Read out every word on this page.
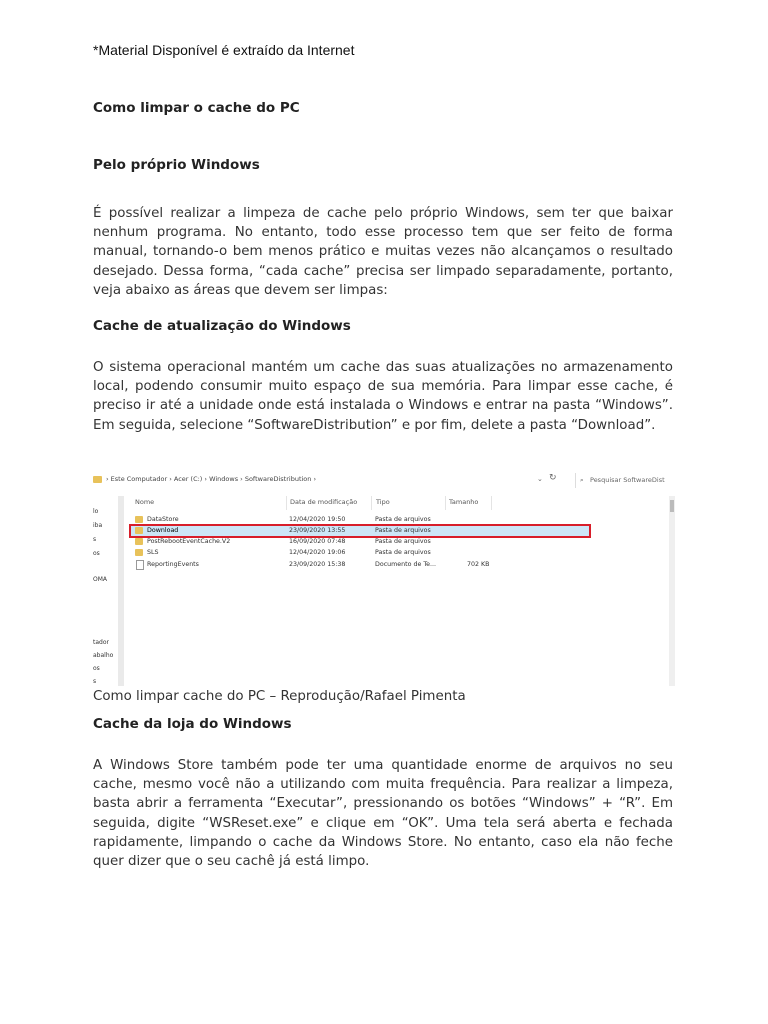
*Material Disponível é extraído da Internet
Como limpar o cache do PC
Pelo próprio Windows
É possível realizar a limpeza de cache pelo próprio Windows, sem ter que baixar nenhum programa. No entanto, todo esse processo tem que ser feito de forma manual, tornando-o bem menos prático e muitas vezes não alcançamos o resultado desejado. Dessa forma, “cada cache” precisa ser limpado separadamente, portanto, veja abaixo as áreas que devem ser limpas:
Cache de atualização do Windows
O sistema operacional mantém um cache das suas atualizações no armazenamento local, podendo consumir muito espaço de sua memória. Para limpar esse cache, é preciso ir até a unidade onde está instalada o Windows e entrar na pasta “Windows”. Em seguida, selecione “SoftwareDistribution” e por fim, delete a pasta “Download”.
› Este Computador › Acer (C:) › Windows › SoftwareDistribution ›	⌄ ↻	⌕ Pesquisar SoftwareDist
lo
iba
s
os
OMA
tador
abalho
os
s
Nome	Data de modificação	Tipo	Tamanho
DataStore	12/04/2020 19:50	Pasta de arquivos
Download	23/09/2020 13:55	Pasta de arquivos
PostRebootEventCache.V2	16/09/2020 07:48	Pasta de arquivos
SLS	12/04/2020 19:06	Pasta de arquivos
ReportingEvents	23/09/2020 15:38	Documento de Te...	702 KB
Como limpar cache do PC – Reprodução/Rafael Pimenta
Cache da loja do Windows
A Windows Store também pode ter uma quantidade enorme de arquivos no seu cache, mesmo você não a utilizando com muita frequência. Para realizar a limpeza, basta abrir a ferramenta “Executar”, pressionando os botões “Windows” + “R”. Em seguida, digite “WSReset.exe” e clique em “OK”. Uma tela será aberta e fechada rapidamente, limpando o cache da Windows Store. No entanto, caso ela não feche quer dizer que o seu cachê já está limpo.
